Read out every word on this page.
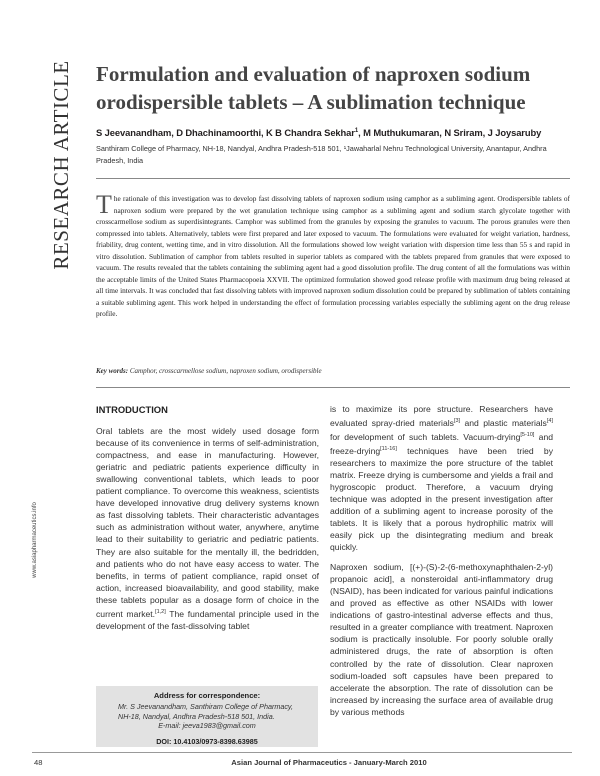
RESEARCH ARTICLE
www.asiapharmaceutics.info
Formulation and evaluation of naproxen sodium orodispersible tablets – A sublimation technique
S Jeevanandham, D Dhachinamoorthi, K B Chandra Sekhar$^1$, M Muthukumaran, N Sriram, J Joysaruby
Santhiram College of Pharmacy, NH-18, Nandyal, Andhra Pradesh-518 501, ¹Jawaharlal Nehru Technological University, Anantapur, Andhra Pradesh, India
The rationale of this investigation was to develop fast dissolving tablets of naproxen sodium using camphor as a subliming agent. Orodispersible tablets of naproxen sodium were prepared by the wet granulation technique using camphor as a subliming agent and sodium starch glycolate together with crosscarmellose sodium as superdisintegrants. Camphor was sublimed from the granules by exposing the granules to vacuum. The porous granules were then compressed into tablets. Alternatively, tablets were first prepared and later exposed to vacuum. The formulations were evaluated for weight variation, hardness, friability, drug content, wetting time, and in vitro dissolution. All the formulations showed low weight variation with dispersion time less than 55 s and rapid in vitro dissolution. Sublimation of camphor from tablets resulted in superior tablets as compared with the tablets prepared from granules that were exposed to vacuum. The results revealed that the tablets containing the subliming agent had a good dissolution profile. The drug content of all the formulations was within the acceptable limits of the United States Pharmacopoeia XXVII. The optimized formulation showed good release profile with maximum drug being released at all time intervals. It was concluded that fast dissolving tablets with improved naproxen sodium dissolution could be prepared by sublimation of tablets containing a suitable subliming agent. This work helped in understanding the effect of formulation processing variables especially the subliming agent on the drug release profile.
Key words: Camphor, crosscarmellose sodium, naproxen sodium, orodispersible
INTRODUCTION

Oral tablets are the most widely used dosage form because of its convenience in terms of self-administration, compactness, and ease in manufacturing. However, geriatric and pediatric patients experience difficulty in swallowing conventional tablets, which leads to poor patient compliance. To overcome this weakness, scientists have developed innovative drug delivery systems known as fast dissolving tablets. Their characteristic advantages such as administration without water, anywhere, anytime lead to their suitability to geriatric and pediatric patients. They are also suitable for the mentally ill, the bedridden, and patients who do not have easy access to water. The benefits, in terms of patient compliance, rapid onset of action, increased bioavailability, and good stability, make these tablets popular as a dosage form of choice in the current market.[1,2] The fundamental principle used in the development of the fast-dissolving tablet

is to maximize its pore structure. Researchers have evaluated spray-dried materials[3] and plastic materials[4] for development of such tablets. Vacuum-drying[5-10] and freeze-drying[11-16] techniques have been tried by researchers to maximize the pore structure of the tablet matrix. Freeze drying is cumbersome and yields a frail and hygroscopic product. Therefore, a vacuum drying technique was adopted in the present investigation after addition of a subliming agent to increase porosity of the tablets. It is likely that a porous hydrophilic matrix will easily pick up the disintegrating medium and break quickly.

Naproxen sodium, [(+)-(S)-2-(6-methoxynaphthalen-2-yl) propanoic acid], a nonsteroidal anti-inflammatory drug (NSAID), has been indicated for various painful indications and proved as effective as other NSAIDs with lower indications of gastro-intestinal adverse effects and thus, resulted in a greater compliance with treatment. Naproxen sodium is practically insoluble. For poorly soluble orally administered drugs, the rate of absorption is often controlled by the rate of dissolution. Clear naproxen sodium-loaded soft capsules have been prepared to accelerate the absorption. The rate of dissolution can be increased by increasing the surface area of available drug by various methods

Address for correspondence:
Mr. S Jeevanandham, Santhiram College of Pharmacy,
NH-18, Nandyal, Andhra Pradesh-518 501, India.
E-mail: jeeva1983@gmail.com
DOI: 10.4103/0973-8398.63985
48	Asian Journal of Pharmaceutics - January-March 2010
